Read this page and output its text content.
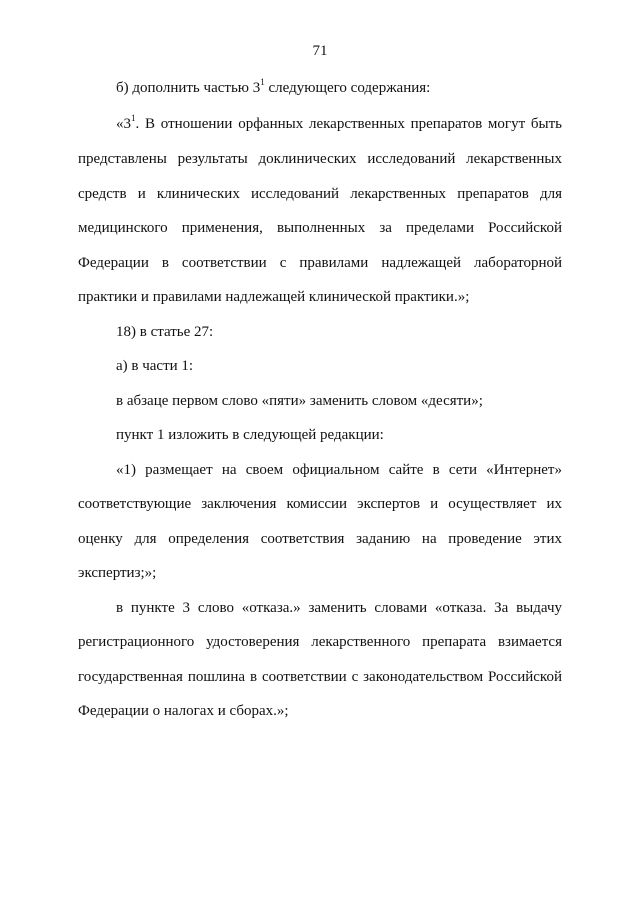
71
б) дополнить частью $3^1$ следующего содержания:
«$3^1$. В отношении орфанных лекарственных препаратов могут быть
представлены результаты доклинических исследований лекарственных
средств и клинических исследований лекарственных препаратов для
медицинского применения, выполненных за пределами Российской
Федерации в соответствии с правилами надлежащей лабораторной
практики и правилами надлежащей клинической практики.»;
18) в статье 27:
а) в части 1:
в абзаце первом слово «пяти» заменить словом «десяти»;
пункт 1 изложить в следующей редакции:
«1) размещает на своем официальном сайте в сети «Интернет»
соответствующие заключения комиссии экспертов и осуществляет их
оценку для определения соответствия заданию на проведение этих
экспертиз;»;
в пункте 3 слово «отказа.» заменить словами «отказа. За выдачу
регистрационного удостоверения лекарственного препарата взимается
государственная пошлина в соответствии с законодательством Российской
Федерации о налогах и сборах.»;
